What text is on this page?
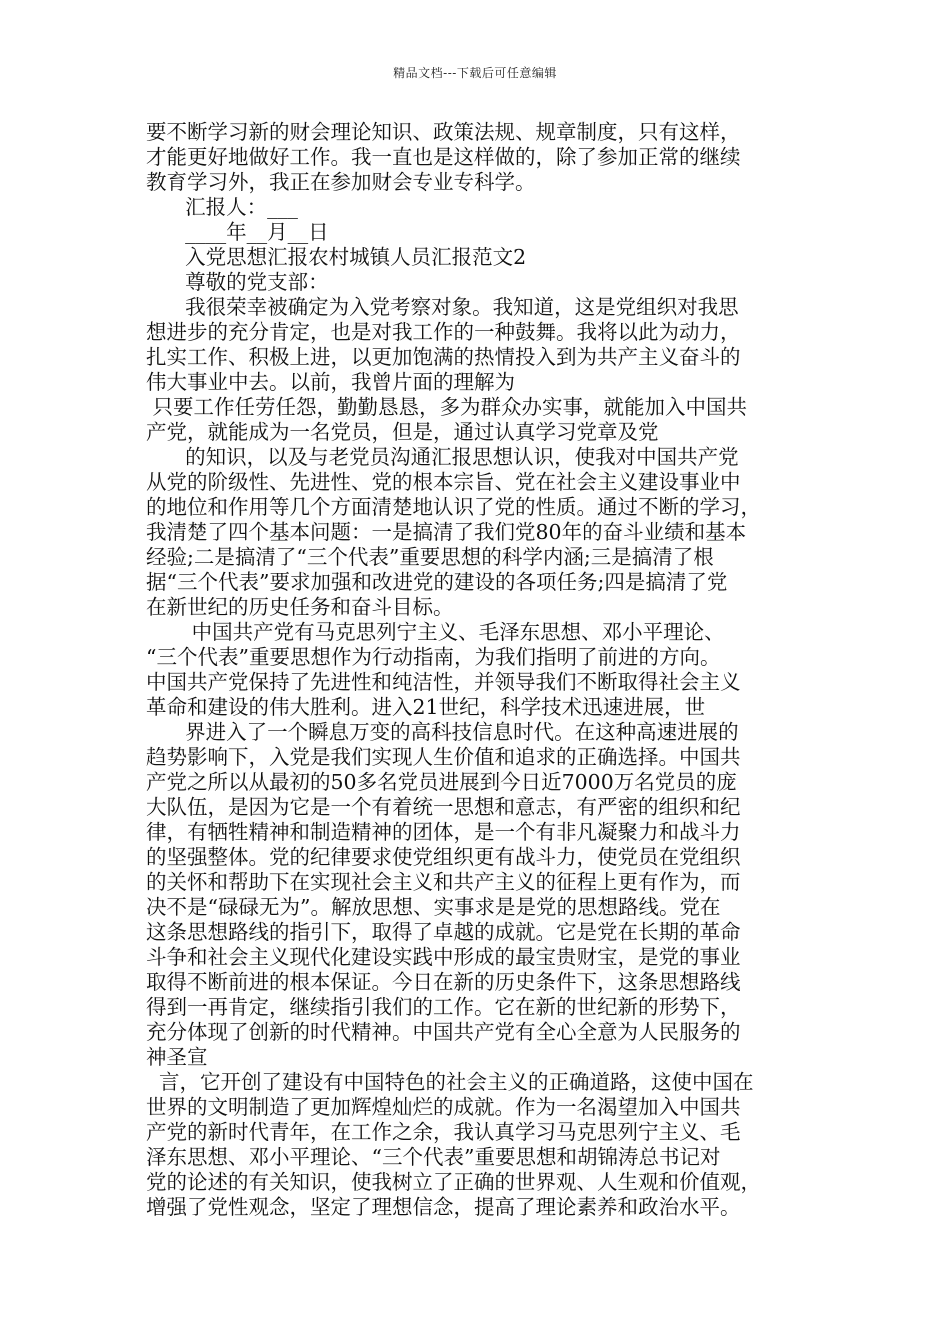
精品文档---下载后可任意编辑
要不断学习新的财会理论知识、政策法规、规章制度，只有这样，
才能更好地做好工作。我一直也是这样做的，除了参加正常的继续
教育学习外，我正在参加财会专业专科学。
汇报人：___
____年__月__日
入党思想汇报农村城镇人员汇报范文2
尊敬的党支部：
我很荣幸被确定为入党考察对象。我知道，这是党组织对我思
想进步的充分肯定，也是对我工作的一种鼓舞。我将以此为动力，
扎实工作、积极上进，以更加饱满的热情投入到为共产主义奋斗的
伟大事业中去。以前，我曾片面的理解为
只要工作任劳任怨，勤勤恳恳，多为群众办实事，就能加入中国共
产党，就能成为一名党员，但是，通过认真学习党章及党
的知识，以及与老党员沟通汇报思想认识，使我对中国共产党
从党的阶级性、先进性、党的根本宗旨、党在社会主义建设事业中
的地位和作用等几个方面清楚地认识了党的性质。通过不断的学习，
我清楚了四个基本问题：一是搞清了我们党80年的奋斗业绩和基本
经验;二是搞清了“三个代表”重要思想的科学内涵;三是搞清了根
据“三个代表”要求加强和改进党的建设的各项任务;四是搞清了党
在新世纪的历史任务和奋斗目标。
中国共产党有马克思列宁主义、毛泽东思想、邓小平理论、
“三个代表”重要思想作为行动指南，为我们指明了前进的方向。
中国共产党保持了先进性和纯洁性，并领导我们不断取得社会主义
革命和建设的伟大胜利。进入21世纪，科学技术迅速进展，世
界进入了一个瞬息万变的高科技信息时代。在这种高速进展的
趋势影响下，入党是我们实现人生价值和追求的正确选择。中国共
产党之所以从最初的50多名党员进展到今日近7000万名党员的庞
大队伍，是因为它是一个有着统一思想和意志，有严密的组织和纪
律，有牺牲精神和制造精神的团体，是一个有非凡凝聚力和战斗力
的坚强整体。党的纪律要求使党组织更有战斗力，使党员在党组织
的关怀和帮助下在实现社会主义和共产主义的征程上更有作为，而
决不是“碌碌无为”。解放思想、实事求是是党的思想路线。党在
这条思想路线的指引下，取得了卓越的成就。它是党在长期的革命
斗争和社会主义现代化建设实践中形成的最宝贵财宝，是党的事业
取得不断前进的根本保证。今日在新的历史条件下，这条思想路线
得到一再肯定，继续指引我们的工作。它在新的世纪新的形势下，
充分体现了创新的时代精神。中国共产党有全心全意为人民服务的
神圣宣
言，它开创了建设有中国特色的社会主义的正确道路，这使中国在
世界的文明制造了更加辉煌灿烂的成就。作为一名渴望加入中国共
产党的新时代青年，在工作之余，我认真学习马克思列宁主义、毛
泽东思想、邓小平理论、“三个代表”重要思想和胡锦涛总书记对
党的论述的有关知识，使我树立了正确的世界观、人生观和价值观，
增强了党性观念，坚定了理想信念，提高了理论素养和政治水平。
